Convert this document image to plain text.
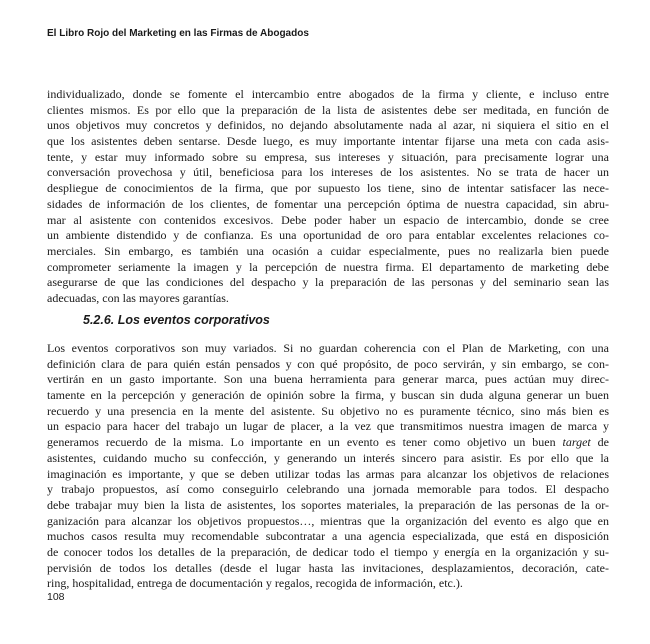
El Libro Rojo del Marketing en las Firmas de Abogados
individualizado, donde se fomente el intercambio entre abogados de la firma y cliente, e incluso entre
clientes mismos. Es por ello que la preparación de la lista de asistentes debe ser meditada, en función de
unos objetivos muy concretos y definidos, no dejando absolutamente nada al azar, ni siquiera el sitio en el
que los asistentes deben sentarse. Desde luego, es muy importante intentar fijarse una meta con cada asis-
tente, y estar muy informado sobre su empresa, sus intereses y situación, para precisamente lograr una
conversación provechosa y útil, beneficiosa para los intereses de los asistentes. No se trata de hacer un
despliegue de conocimientos de la firma, que por supuesto los tiene, sino de intentar satisfacer las nece-
sidades de información de los clientes, de fomentar una percepción óptima de nuestra capacidad, sin abru-
mar al asistente con contenidos excesivos. Debe poder haber un espacio de intercambio, donde se cree
un ambiente distendido y de confianza. Es una oportunidad de oro para entablar excelentes relaciones co-
merciales. Sin embargo, es también una ocasión a cuidar especialmente, pues no realizarla bien puede
comprometer seriamente la imagen y la percepción de nuestra firma. El departamento de marketing debe
asegurarse de que las condiciones del despacho y la preparación de las personas y del seminario sean las
adecuadas, con las mayores garantías.
5.2.6. Los eventos corporativos
Los eventos corporativos son muy variados. Si no guardan coherencia con el Plan de Marketing, con una
definición clara de para quién están pensados y con qué propósito, de poco servirán, y sin embargo, se con-
vertirán en un gasto importante. Son una buena herramienta para generar marca, pues actúan muy direc-
tamente en la percepción y generación de opinión sobre la firma, y buscan sin duda alguna generar un buen
recuerdo y una presencia en la mente del asistente. Su objetivo no es puramente técnico, sino más bien es
un espacio para hacer del trabajo un lugar de placer, a la vez que transmitimos nuestra imagen de marca y
generamos recuerdo de la misma. Lo importante en un evento es tener como objetivo un buen target de
asistentes, cuidando mucho su confección, y generando un interés sincero para asistir. Es por ello que la
imaginación es importante, y que se deben utilizar todas las armas para alcanzar los objetivos de relaciones
y trabajo propuestos, así como conseguirlo celebrando una jornada memorable para todos. El despacho
debe trabajar muy bien la lista de asistentes, los soportes materiales, la preparación de las personas de la or-
ganización para alcanzar los objetivos propuestos…, mientras que la organización del evento es algo que en
muchos casos resulta muy recomendable subcontratar a una agencia especializada, que está en disposición
de conocer todos los detalles de la preparación, de dedicar todo el tiempo y energía en la organización y su-
pervisión de todos los detalles (desde el lugar hasta las invitaciones, desplazamientos, decoración, cate-
ring, hospitalidad, entrega de documentación y regalos, recogida de información, etc.).
108
